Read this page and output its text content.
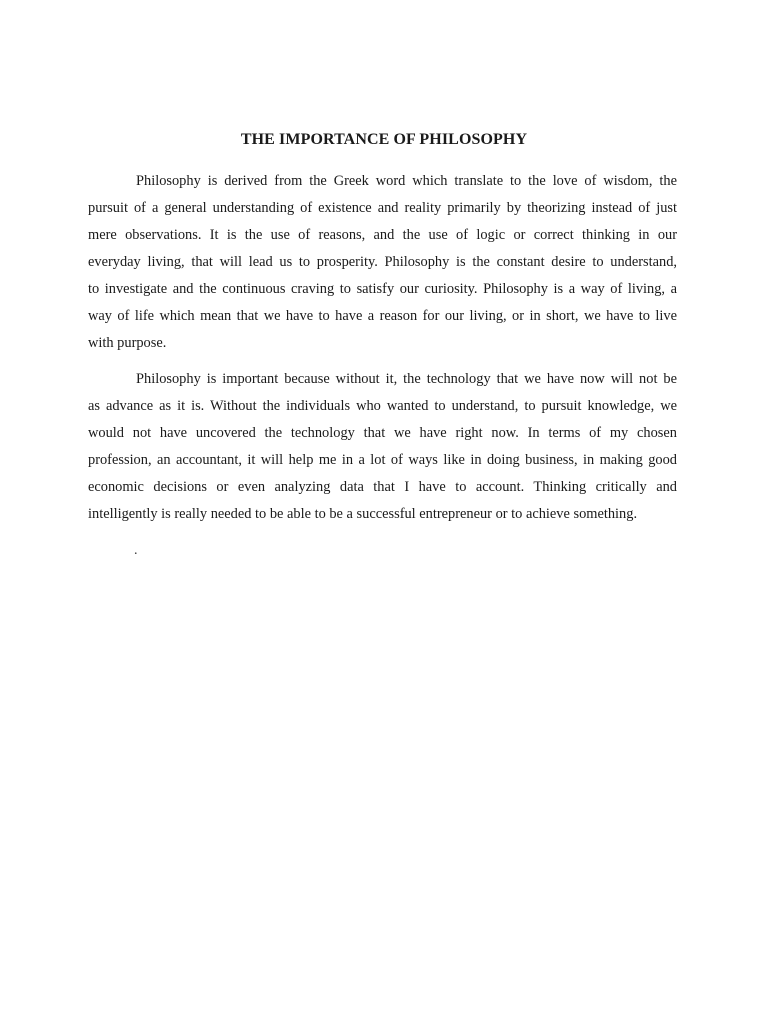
THE IMPORTANCE OF PHILOSOPHY
Philosophy is derived from the Greek word which translate to the love of wisdom, the
pursuit of a general understanding of existence and reality primarily by theorizing instead of just
mere observations. It is the use of reasons, and the use of logic or correct thinking in our
everyday living, that will lead us to prosperity. Philosophy is the constant desire to understand,
to investigate and the continuous craving to satisfy our curiosity. Philosophy is a way of living, a
way of life which mean that we have to have a reason for our living, or in short, we have to live
with purpose.
Philosophy is important because without it, the technology that we have now will not be
as advance as it is. Without the individuals who wanted to understand, to pursuit knowledge, we
would not have uncovered the technology that we have right now. In terms of my chosen
profession, an accountant, it will help me in a lot of ways like in doing business, in making good
economic decisions or even analyzing data that I have to account. Thinking critically and
intelligently is really needed to be able to be a successful entrepreneur or to achieve something.
.
